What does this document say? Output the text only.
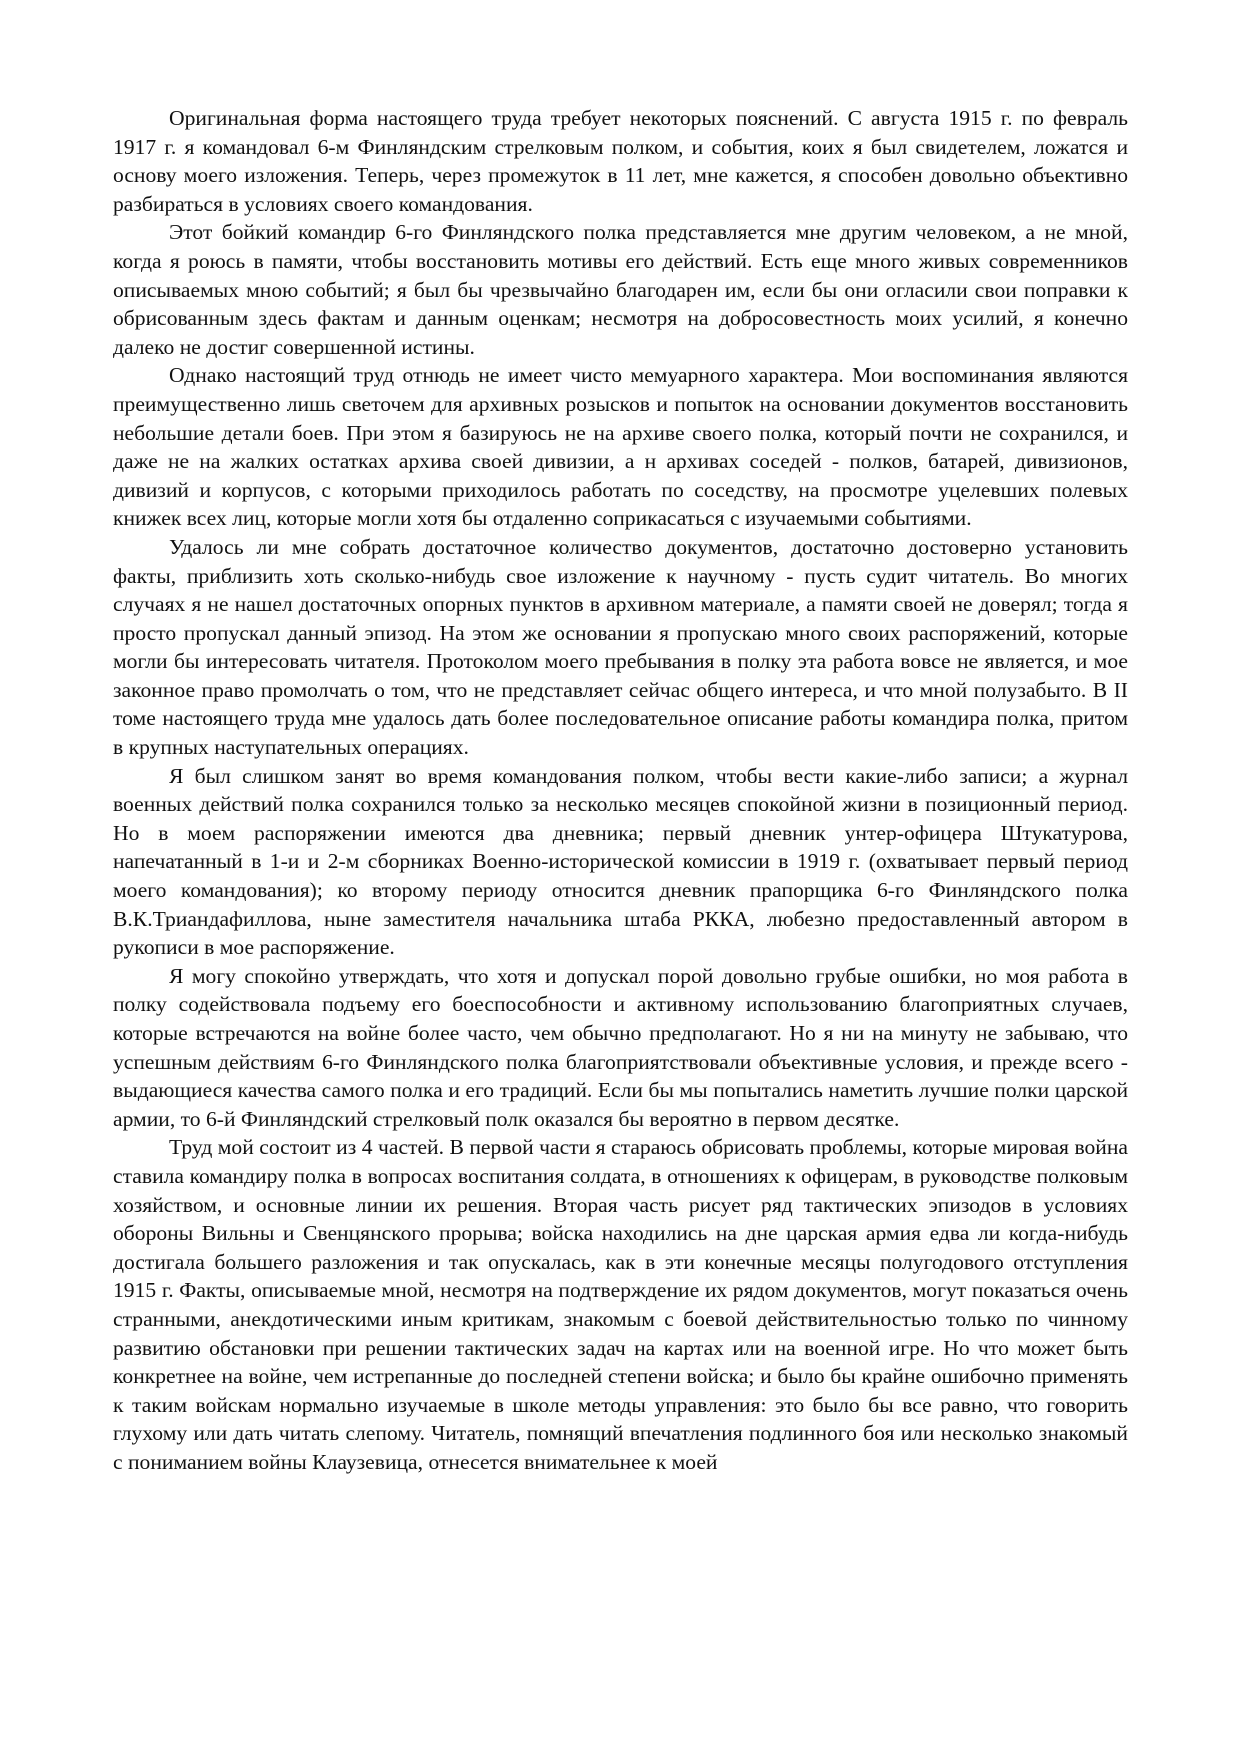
Оригинальная форма настоящего труда требует некоторых пояснений. С августа 1915 г. по февраль 1917 г. я командовал 6-м Финляндским стрелковым полком, и события, коих я был свидетелем, ложатся и основу моего изложения. Теперь, через промежуток в 11 лет, мне кажется, я способен довольно объективно разбираться в условиях своего командования.

Этот бойкий командир 6-го Финляндского полка представляется мне другим человеком, а не мной, когда я роюсь в памяти, чтобы восстановить мотивы его действий. Есть еще много живых современников описываемых мною событий; я был бы чрезвычайно благодарен им, если бы они огласили свои поправки к обрисованным здесь фактам и данным оценкам; несмотря на добросовестность моих усилий, я конечно далеко не достиг совершенной истины.

Однако настоящий труд отнюдь не имеет чисто мемуарного характера. Мои воспоминания являются преимущественно лишь светочем для архивных розысков и попыток на основании документов восстановить небольшие детали боев. При этом я базируюсь не на архиве своего полка, который почти не сохранился, и даже не на жалких остатках архива своей дивизии, а н архивах соседей - полков, батарей, дивизионов, дивизий и корпусов, с которыми приходилось работать по соседству, на просмотре уцелевших полевых книжек всех лиц, которые могли хотя бы отдаленно соприкасаться с изучаемыми событиями.

Удалось ли мне собрать достаточное количество документов, достаточно достоверно установить факты, приблизить хоть сколько-нибудь свое изложение к научному - пусть судит читатель. Во многих случаях я не нашел достаточных опорных пунктов в архивном материале, а памяти своей не доверял; тогда я просто пропускал данный эпизод. На этом же основании я пропускаю много своих распоряжений, которые могли бы интересовать читателя. Протоколом моего пребывания в полку эта работа вовсе не является, и мое законное право промолчать о том, что не представляет сейчас общего интереса, и что мной полузабыто. В II томе настоящего труда мне удалось дать более последовательное описание работы командира полка, притом в крупных наступательных операциях.

Я был слишком занят во время командования полком, чтобы вести какие-либо записи; а журнал военных действий полка сохранился только за несколько месяцев спокойной жизни в позиционный период. Но в моем распоряжении имеются два дневника; первый дневник унтер-офицера Штукатурова, напечатанный в 1-и и 2-м сборниках Военно-исторической комиссии в 1919 г. (охватывает первый период моего командования); ко второму периоду относится дневник прапорщика 6-го Финляндского полка В.К.Триандафиллова, ныне заместителя начальника штаба РККА, любезно предоставленный автором в рукописи в мое распоряжение.

Я могу спокойно утверждать, что хотя и допускал порой довольно грубые ошибки, но моя работа в полку содействовала подъему его боеспособности и активному использованию благоприятных случаев, которые встречаются на войне более часто, чем обычно предполагают. Но я ни на минуту не забываю, что успешным действиям 6-го Финляндского полка благоприятствовали объективные условия, и прежде всего - выдающиеся качества самого полка и его традиций. Если бы мы попытались наметить лучшие полки царской армии, то 6-й Финляндский стрелковый полк оказался бы вероятно в первом десятке.

Труд мой состоит из 4 частей. В первой части я стараюсь обрисовать проблемы, которые мировая война ставила командиру полка в вопросах воспитания солдата, в отношениях к офицерам, в руководстве полковым хозяйством, и основные линии их решения. Вторая часть рисует ряд тактических эпизодов в условиях обороны Вильны и Свенцянского прорыва; войска находились на дне царская армия едва ли когда-нибудь достигала большего разложения и так опускалась, как в эти конечные месяцы полугодового отступления 1915 г. Факты, описываемые мной, несмотря на подтверждение их рядом документов, могут показаться очень странными, анекдотическими иным критикам, знакомым с боевой действительностью только по чинному развитию обстановки при решении тактических задач на картах или на военной игре. Но что может быть конкретнее на войне, чем истрепанные до последней степени войска; и было бы крайне ошибочно применять к таким войскам нормально изучаемые в школе методы управления: это было бы все равно, что говорить глухому или дать читать слепому. Читатель, помнящий впечатления подлинного боя или несколько знакомый с пониманием войны Клаузевица, отнесется внимательнее к моей
